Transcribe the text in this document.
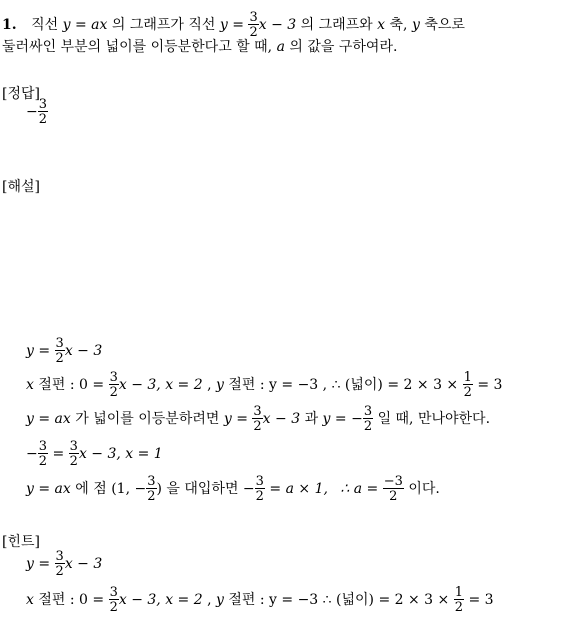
1. 직선 y = ax 의 그래프가 직선 $y = \frac{3}{2}$ x − 3 의 그래프와 x 축, y 축으로
둘러싸인 부분의 넓이를 이등분한다고 할 때, a 의 값을 구하여라.
[정답]
− $\frac{3}{2}$
[해설]
$y = \frac{3}{2}$ x − 3
x 절편 : $0 = \frac{3}{2}$ x − 3, x = 2 , y 절편 : y = −3 , ∴ (넓이) = $2 \times 3 \times \frac{1}{2} = 3$
y = ax 가 넓이를 이등분하려면 $y = \frac{3}{2}$ x − 3 과 y = − $\frac{3}{2}$ 일 때, 만나야한다.
− $\frac{3}{2} = \frac{3}{2}$ x − 3, x = 1
y = ax 에 점 (1, − $\frac{3}{2}$ ) 을 대입하면 − $\frac{3}{2} = a \times 1$, ∴ $a = \frac{-3}{2}$ 이다.
[힌트]
$y = \frac{3}{2}$ x − 3
x 절편 : $0 = \frac{3}{2}$ x − 3, x = 2 , y 절편 : y = −3 ∴ (넓이) = $2 \times 3 \times \frac{1}{2} = 3$
